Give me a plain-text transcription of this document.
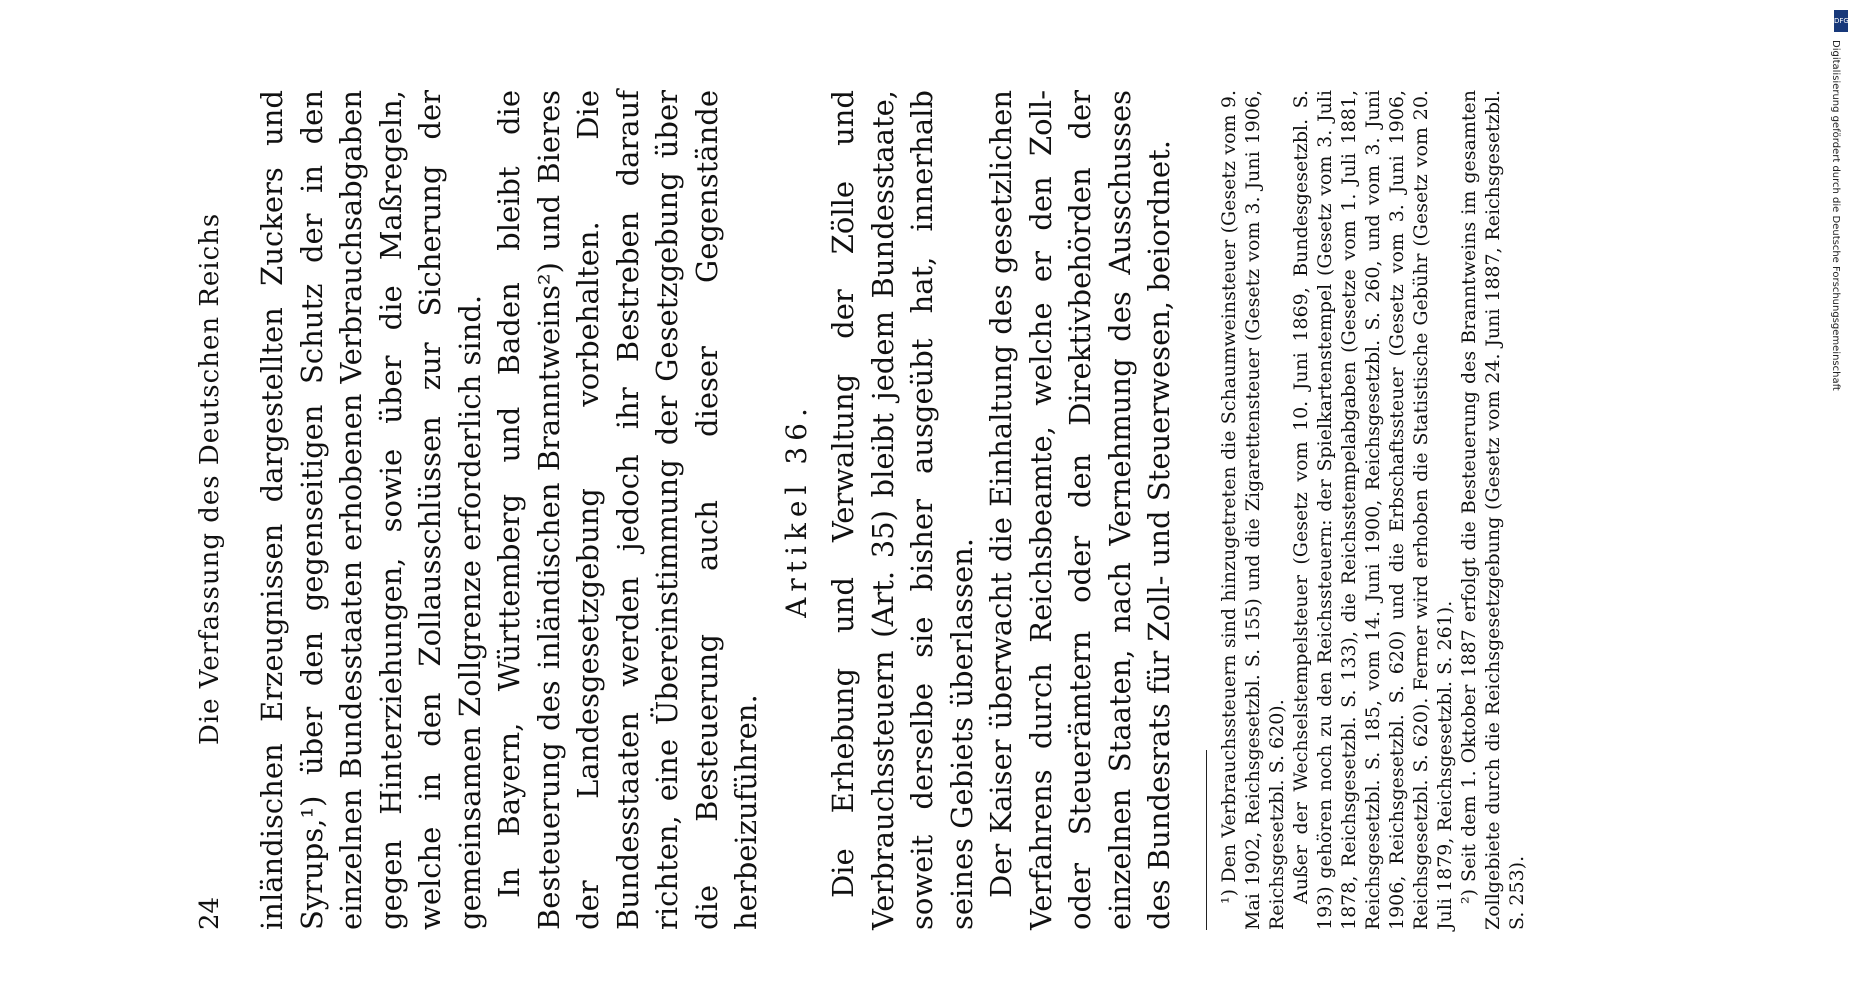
24
Die Verfassung des Deutschen Reichs inländischen Erzeugnissen dargestellten Zuckers und Syrups,¹) über den gegenseitigen Schutz der in den einzelnen Bundesstaaten erhobenen Verbrauchsabgaben gegen Hinterziehungen, sowie über die Maßregeln, welche in den Zollausschlüssen zur Sicherung der gemeinsamen Zollgrenze erforderlich sind. In Bayern, Württemberg und Baden bleibt die Besteuerung des inländischen Branntweins²) und Bieres der Landesgesetzgebung vorbehalten. Die Bundesstaaten werden jedoch ihr Bestreben darauf richten, eine Übereinstimmung der Gesetzgebung über die Besteuerung auch dieser Gegenstände herbeizuführen.

Artikel 36. Die Erhebung und Verwaltung der Zölle und Verbrauchssteuern (Art. 35) bleibt jedem Bundesstaate, soweit derselbe sie bisher ausgeübt hat, innerhalb seines Gebiets überlassen. Der Kaiser überwacht die Einhaltung des gesetzlichen Verfahrens durch Reichsbeamte, welche er den Zoll- oder Steuerämtern oder den Direktivbehörden der einzelnen Staaten, nach Vernehmung des Ausschusses des Bundesrats für Zoll- und Steuerwesen, beiordnet. ¹) Den Verbrauchssteuern sind hinzugetreten die Schaumweinsteuer (Gesetz vom 9. Mai 1902, Reichsgesetzbl. S. 155) und die Zigarettensteuer (Gesetz vom 3. Juni 1906, Reichsgesetzbl. S. 620). Außer der Wechselstempelsteuer (Gesetz vom 10. Juni 1869, Bundesgesetzbl. S. 193) gehören noch zu den Reichssteuern: der Spielkartenstempel (Gesetz vom 3. Juli 1878, Reichsgesetzbl. S. 133), die Reichsstempelabgaben (Gesetze vom 1. Juli 1881, Reichsgesetzbl. S. 185, vom 14. Juni 1900, Reichsgesetzbl. S. 260, und vom 3. Juni 1906, Reichsgesetzbl. S. 620) und die Erbschaftssteuer (Gesetz vom 3. Juni 1906, Reichsgesetzbl. S. 620). Ferner wird erhoben die Statistische Gebühr (Gesetz vom 20. Juli 1879, Reichsgesetzbl. S. 261). ²) Seit dem 1. Oktober 1887 erfolgt die Besteuerung des Branntweins im gesamten Zollgebiete durch die Reichsgesetzgebung (Gesetz vom 24. Juni 1887, Reichsgesetzbl. S. 253).

DFG
Digitalisierung gefördert durch die Deutsche Forschungsgemeinschaft
